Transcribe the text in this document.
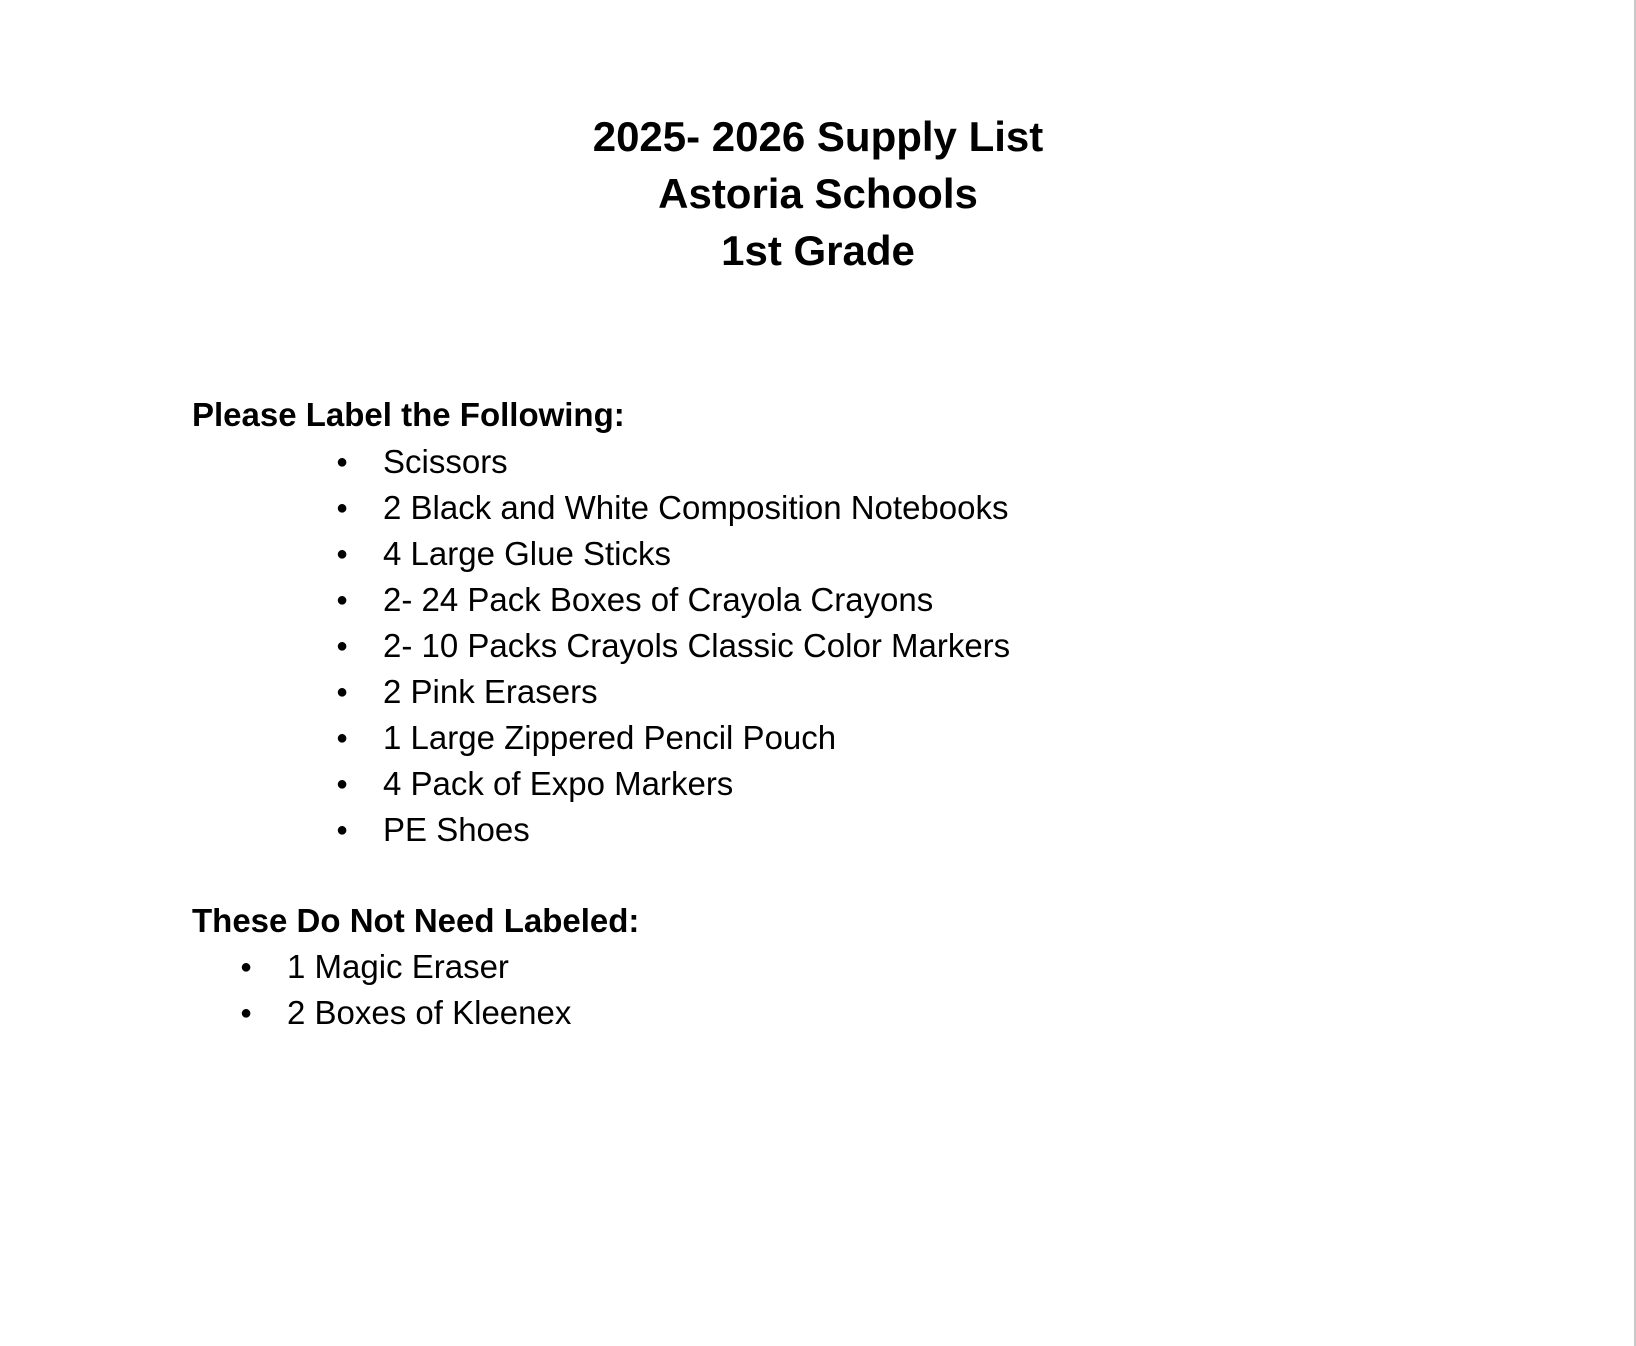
2025- 2026 Supply List

Astoria Schools

1st Grade

Please Label the Following:

● Scissors
● 2 Black and White Composition Notebooks
● 4 Large Glue Sticks
● 2- 24 Pack Boxes of Crayola Crayons
● 2- 10 Packs Crayols Classic Color Markers
● 2 Pink Erasers
● 1 Large Zippered Pencil Pouch
● 4 Pack of Expo Markers
● PE Shoes

These Do Not Need Labeled:

● 1 Magic Eraser
● 2 Boxes of Kleenex
